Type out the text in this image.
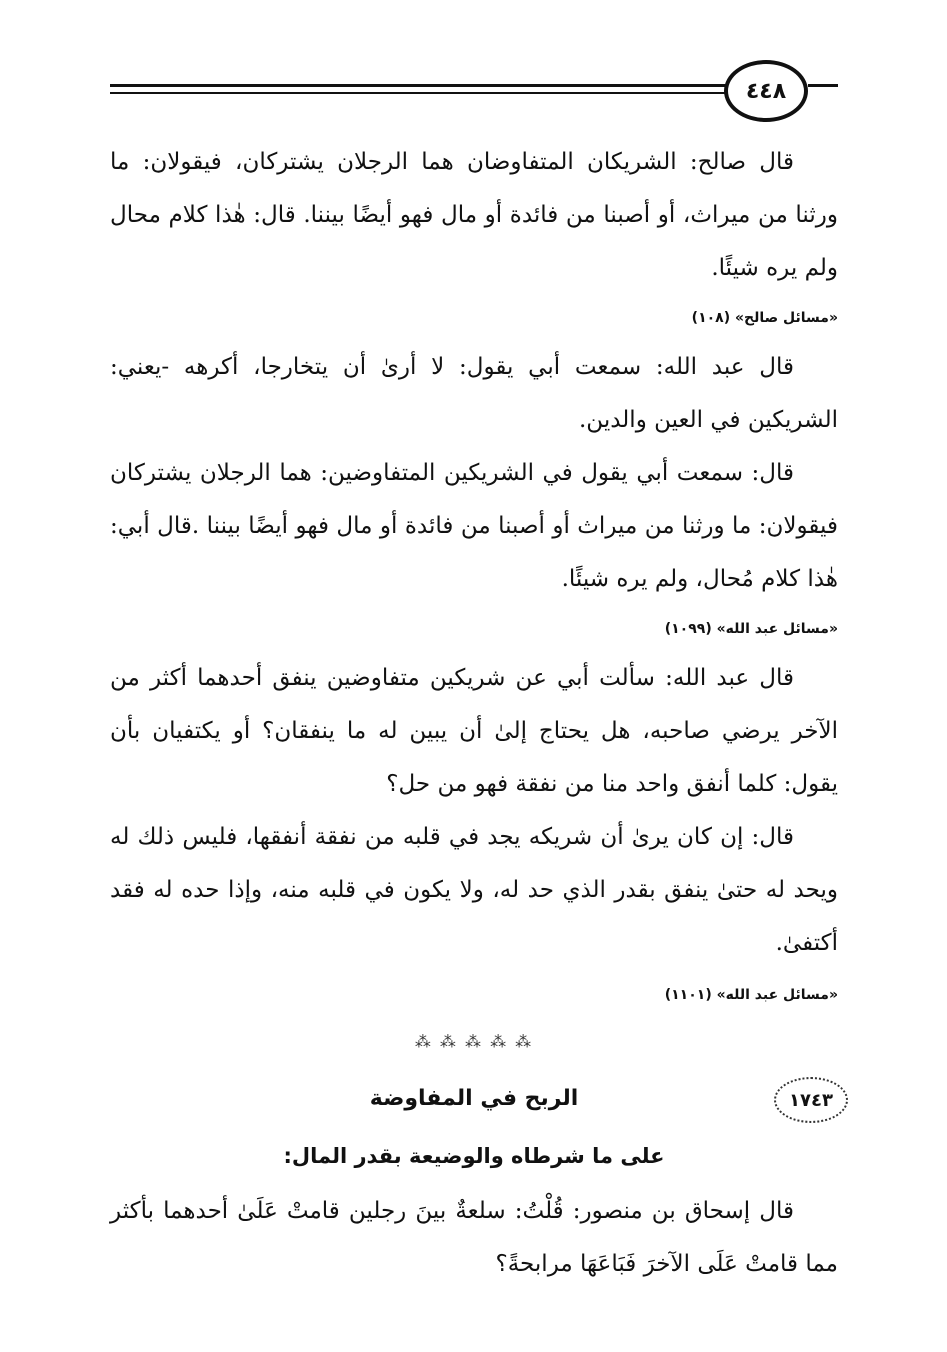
٤٤٨

قال صالح: الشريكان المتفاوضان هما الرجلان يشتركان، فيقولان: ما ورثنا من ميراث، أو أصبنا من فائدة أو مال فهو أيضًا بيننا. قال: هٰذا كلام محال ولم يره شيئًا.

«مسائل صالح» (١٠٨)

قال عبد الله: سمعت أبي يقول: لا أرىٰ أن يتخارجا، أكرهه -يعني: الشريكين في العين والدين.

قال: سمعت أبي يقول في الشريكين المتفاوضين: هما الرجلان يشتركان فيقولان: ما ورثنا من ميراث أو أصبنا من فائدة أو مال فهو أيضًا بيننا .قال أبي: هٰذا كلام مُحال، ولم يره شيئًا.

«مسائل عبد الله» (١٠٩٩)

قال عبد الله: سألت أبي عن شريكين متفاوضين ينفق أحدهما أكثر من الآخر يرضي صاحبه، هل يحتاج إلىٰ أن يبين له ما ينفقان؟ أو يكتفيان بأن يقول: كلما أنفق واحد منا من نفقة فهو من حل؟

قال: إن كان يرىٰ أن شريكه يجد في قلبه من نفقة أنفقها، فليس ذلك له ويحد له حتىٰ ينفق بقدر الذي حد له، ولا يكون في قلبه منه، وإذا حده له فقد أكتفىٰ.

«مسائل عبد الله» (١١٠١)
⁂ ⁂ ⁂ ⁂ ⁂
١٧٤٣
الربح في المفاوضة
على ما شرطاه والوضيعة بقدر المال:

قال إسحاق بن منصور: قُلْتُ: سلعةٌ بينَ رجلين قامتْ عَلَىٰ أحدهما بأكثر مما قامتْ عَلَى الآخرَ فَبَاعَهَا مرابحةً؟
